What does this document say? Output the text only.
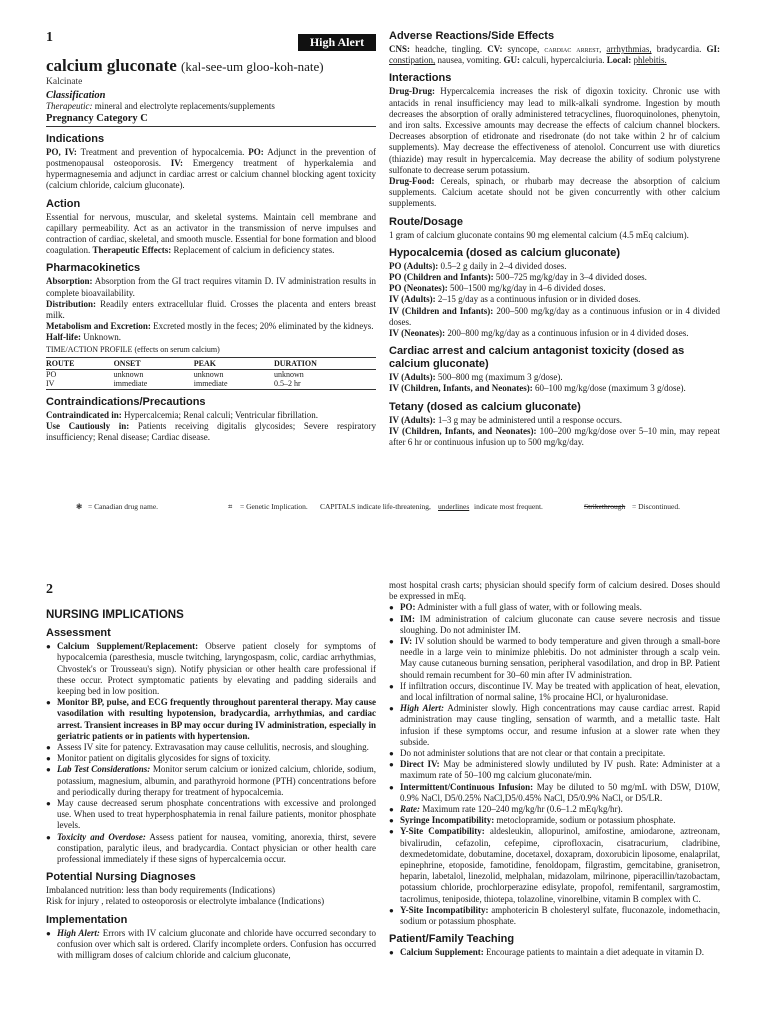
1	High Alert
calcium gluconate (kal-see-um gloo-koh-nate)
Kalcinate
Classification

Therapeutic: mineral and electrolyte replacements/supplements

Pregnancy Category C
Indications

PO, IV: Treatment and prevention of hypocalcemia. PO: Adjunct in the prevention of postmenopausal osteoporosis. IV: Emergency treatment of hyperkalemia and hypermagnesemia and adjunct in cardiac arrest or calcium channel blocking agent toxicity (calcium chloride, calcium gluconate).

Action

Essential for nervous, muscular, and skeletal systems. Maintain cell membrane and capillary permeability. Act as an activator in the transmission of nerve impulses and contraction of cardiac, skeletal, and smooth muscle. Essential for bone formation and blood coagulation. Therapeutic Effects: Replacement of calcium in deficiency states.

Pharmacokinetics

Absorption: Absorption from the GI tract requires vitamin D. IV administration results in complete bioavailability.

Distribution: Readily enters extracellular fluid. Crosses the placenta and enters breast milk.

Metabolism and Excretion: Excreted mostly in the feces; 20% eliminated by the kidneys.

Half-life: Unknown.

TIME/ACTION PROFILE (effects on serum calcium)
ROUTE	ONSET	PEAK	DURATION
PO	unknown	unknown	unknown
IV	immediate	immediate	0.5–2 hr
Contraindications/Precautions

Contraindicated in: Hypercalcemia; Renal calculi; Ventricular fibrillation.

Use Cautiously in: Patients receiving digitalis glycosides; Severe respiratory insufficiency; Renal disease; Cardiac disease.

Adverse Reactions/Side Effects

CNS: headche, tingling. CV: syncope, cardiac arrest, arrhythmias, bradycardia. GI: constipation, nausea, vomiting. GU: calculi, hypercalciuria. Local: phlebitis.

Interactions

Drug-Drug: Hypercalcemia increases the risk of digoxin toxicity. Chronic use with antacids in renal insufficiency may lead to milk-alkali syndrome. Ingestion by mouth decreases the absorption of orally administered tetracyclines, fluoroquinolones, phenytoin, and iron salts. Excessive amounts may decrease the effects of calcium channel blockers. Decreases absorption of etidronate and risedronate (do not take within 2 hr of calcium supplements). May decrease the effectiveness of atenolol. Concurrent use with diuretics (thiazide) may result in hypercalcemia. May decrease the ability of sodium polystyrene sulfonate to decrease serum potassium.

Drug-Food: Cereals, spinach, or rhubarb may decrease the absorption of calcium supplements. Calcium acetate should not be given concurrently with other calcium supplements.

Route/Dosage

1 gram of calcium gluconate contains 90 mg elemental calcium (4.5 mEq calcium).

Hypocalcemia (dosed as calcium gluconate)

PO (Adults): 0.5–2 g daily in 2–4 divided doses.

PO (Children and Infants): 500–725 mg/kg/day in 3–4 divided doses.

PO (Neonates): 500–1500 mg/kg/day in 4–6 divided doses.

IV (Adults): 2–15 g/day as a continuous infusion or in divided doses.

IV (Children and Infants): 200–500 mg/kg/day as a continuous infusion or in 4 divided doses.

IV (Neonates): 200–800 mg/kg/day as a continuous infusion or in 4 divided doses.

Cardiac arrest and calcium antagonist toxicity (dosed as calcium gluconate)

IV (Adults): 500–800 mg (maximum 3 g/dose).

IV (Children, Infants, and Neonates): 60–100 mg/kg/dose (maximum 3 g/dose).

Tetany (dosed as calcium gluconate)

IV (Adults): 1–3 g may be administered until a response occurs.

IV (Children, Infants, and Neonates): 100–200 mg/kg/dose over 5–10 min, may repeat after 6 hr or continuous infusion up to 500 mg/kg/day.

❃ = Canadian drug name.	⌗ = Genetic Implication. CAPITALS indicate life-threatening, underlines indicate most frequent.	Strikethrough = Discontinued.
2
NURSING IMPLICATIONS
Assessment
● Calcium Supplement/Replacement: Observe patient closely for symptoms of hypocalcemia (paresthesia, muscle twitching, laryngospasm, colic, cardiac arrhythmias, Chvostek's or Trousseau's sign). Notify physician or other health care professional if these occur. Protect symptomatic patients by elevating and padding siderails and keeping bed in low position.
● Monitor BP, pulse, and ECG frequently throughout parenteral therapy. May cause vasodilation with resulting hypotension, bradycardia, arrhythmias, and cardiac arrest. Transient increases in BP may occur during IV administration, especially in geriatric patients or in patients with hypertension.
● Assess IV site for patency. Extravasation may cause cellulitis, necrosis, and sloughing.
● Monitor patient on digitalis glycosides for signs of toxicity.
● Lab Test Considerations: Monitor serum calcium or ionized calcium, chloride, sodium, potassium, magnesium, albumin, and parathyroid hormone (PTH) concentrations before and periodically during therapy for treatment of hypocalcemia.
● May cause decreased serum phosphate concentrations with excessive and prolonged use. When used to treat hyperphosphatemia in renal failure patients, monitor phosphate levels.
● Toxicity and Overdose: Assess patient for nausea, vomiting, anorexia, thirst, severe constipation, paralytic ileus, and bradycardia. Contact physician or other health care professional immediately if these signs of hypercalcemia occur.
Potential Nursing Diagnoses

Imbalanced nutrition: less than body requirements (Indications)

Risk for injury , related to osteoporosis or electrolyte imbalance (Indications)

Implementation
● High Alert: Errors with IV calcium gluconate and chloride have occurred secondary to confusion over which salt is ordered. Clarify incomplete orders. Confusion has occurred with milligram doses of calcium chloride and calcium gluconate,

most hospital crash carts; physician should specify form of calcium desired. Doses should be expressed in mEq.

● PO: Administer with a full glass of water, with or following meals.
● IM: IM administration of calcium gluconate can cause severe necrosis and tissue sloughing. Do not administer IM.
● IV: IV solution should be warmed to body temperature and given through a small-bore needle in a large vein to minimize phlebitis. Do not administer through a scalp vein. May cause cutaneous burning sensation, peripheral vasodilation, and drop in BP. Patient should remain recumbent for 30–60 min after IV administration.
● If infiltration occurs, discontinue IV. May be treated with application of heat, elevation, and local infiltration of normal saline, 1% procaine HCl, or hyaluronidase.
● High Alert: Administer slowly. High concentrations may cause cardiac arrest. Rapid administration may cause tingling, sensation of warmth, and a metallic taste. Halt infusion if these symptoms occur, and resume infusion at a slower rate when they subside.
● Do not administer solutions that are not clear or that contain a precipitate.
● Direct IV: May be administered slowly undiluted by IV push. Rate: Administer at a maximum rate of 50–100 mg calcium gluconate/min.
● Intermittent/Continuous Infusion: May be diluted to 50 mg/mL with D5W, D10W, 0.9% NaCl, D5/0.25% NaCl,D5/0.45% NaCl, D5/0.9% NaCl, or D5/LR.
● Rate: Maximum rate 120–240 mg/kg/hr (0.6–1.2 mEq/kg/hr).
● Syringe Incompatibility: metoclopramide, sodium or potassium phosphate.
● Y-Site Compatibility: aldesleukin, allopurinol, amifostine, amiodarone, aztreonam, bivalirudin, cefazolin, cefepime, ciprofloxacin, cisatracurium, cladribine, dexmedetomidate, dobutamine, docetaxel, doxapram, doxorubicin liposome, enalaprilat, epinephrine, etoposide, famotidine, fenoldopam, filgrastim, gemcitabine, granisetron, heparin, labetalol, linezolid, melphalan, midazolam, milrinone, piperacillin/tazobactam, potassium chloride, prochlorperazine edisylate, propofol, remifentanil, sargramostim, tacrolimus, teniposide, thiotepa, tolazoline, vinorelbine, vitamin B complex with C.
● Y-Site Incompatibility: amphotericin B cholesteryl sulfate, fluconazole, indomethacin, sodium or potassium phosphate.
Patient/Family Teaching
● Calcium Supplement: Encourage patients to maintain a diet adequate in vitamin D.
